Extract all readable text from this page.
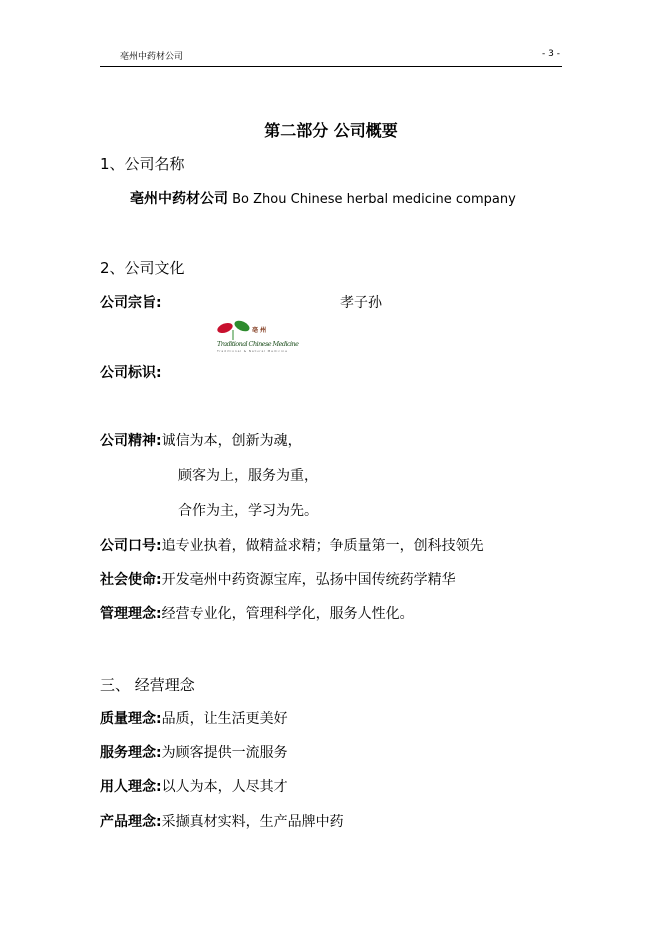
亳州中药材公司	- 3 -
第二部分 公司概要
1、公司名称
亳州中药材公司 Bo Zhou Chinese herbal medicine company
2、公司文化
公司宗旨:	孝子孙
亳 州
Traditional Chinese Medicine
Traditional & Natural Medicine
公司标识:
公司精神:诚信为本，创新为魂，
顾客为上，服务为重，
合作为主，学习为先。
公司口号:追专业执着，做精益求精；争质量第一，创科技领先
社会使命:开发亳州中药资源宝库，弘扬中国传统药学精华
管理理念:经营专业化，管理科学化，服务人性化。
三、 经营理念
质量理念:品质，让生活更美好
服务理念:为顾客提供一流服务
用人理念:以人为本，人尽其才
产品理念:采撷真材实料，生产品牌中药
